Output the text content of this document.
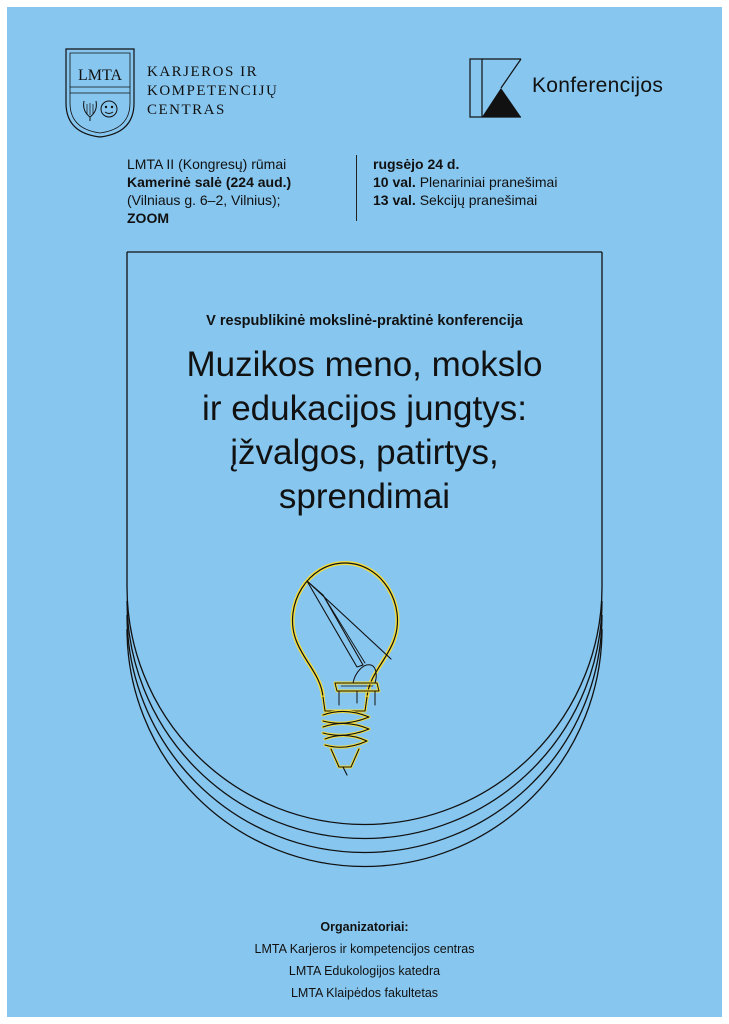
LMTA KARJEROS IR
KOMPETENCIJŲ
CENTRAS
Konferencijos
LMTA II (Kongresų) rūmai
Kamerinė salė (224 aud.)
(Vilniaus g. 6–2, Vilnius);
ZOOM
rugsėjo 24 d.
10 val. Plenariniai pranešimai
13 val. Sekcijų pranešimai
V respublikinė mokslinė-praktinė konferencija
Muzikos meno, mokslo
ir edukacijos jungtys:
įžvalgos, patirtys,
sprendimai
Organizatoriai:
LMTA Karjeros ir kompetencijos centras
LMTA Edukologijos katedra
LMTA Klaipėdos fakultetas
